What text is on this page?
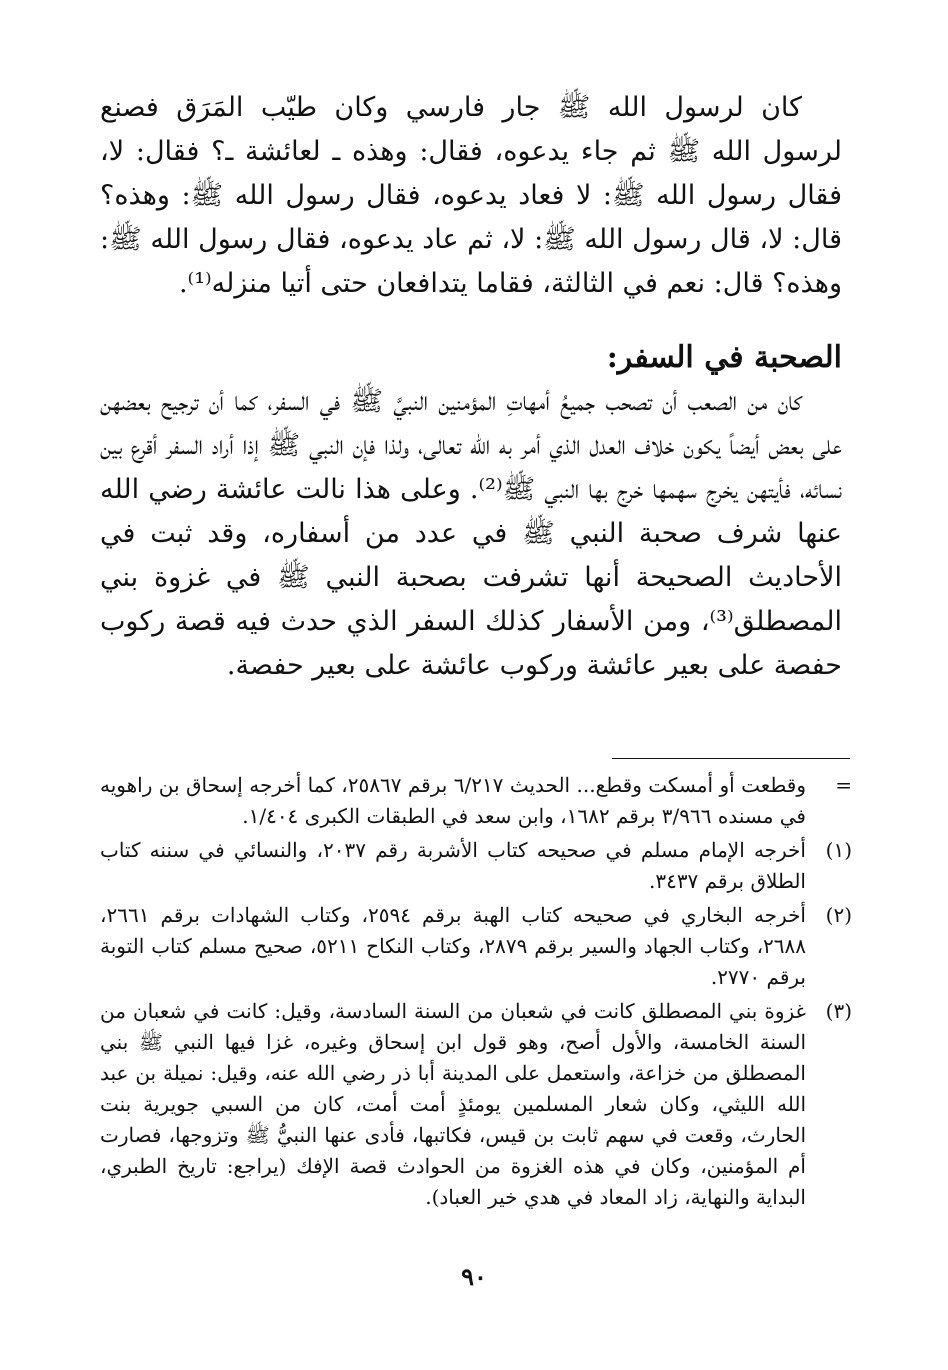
كان لرسول الله ﷺ جار فارسي وكان طيّب المَرَق فصنع لرسول الله ﷺ ثم جاء يدعوه، فقال: وهذه ـ لعائشة ـ؟ فقال: لا، فقال رسول الله ﷺ: لا فعاد يدعوه، فقال رسول الله ﷺ: وهذه؟ قال: لا، قال رسول الله ﷺ: لا، ثم عاد يدعوه، فقال رسول الله ﷺ: وهذه؟ قال: نعم في الثالثة، فقاما يتدافعان حتى أتيا منزله⁽¹⁾.

الصحبة في السفر:

كان من الصعب أن تصحب جميعُ أمهاتِ المؤمنين النبيَّ ﷺ في السفر، كما أن ترجيح بعضهن على بعض أيضاً يكون خلاف العدل الذي أمر به الله تعالى، ولذا فإن النبي ﷺ إذا أراد السفر أقرع بين نسائه، فأيتهن يخرج سهمها خرج بها النبي ﷺ⁽²⁾. وعلى هذا نالت عائشة رضي الله عنها شرف صحبة النبي ﷺ في عدد من أسفاره، وقد ثبت في الأحاديث الصحيحة أنها تشرفت بصحبة النبي ﷺ في غزوة بني المصطلق⁽³⁾، ومن الأسفار كذلك السفر الذي حدث فيه قصة ركوب حفصة على بعير عائشة وركوب عائشة على بعير حفصة.

=
وقطعت أو أمسكت وقطع... الحديث ٦/٢١٧ برقم ٢٥٨٦٧، كما أخرجه إسحاق بن راهويه في مسنده ٣/٩٦٦ برقم ١٦٨٢، وابن سعد في الطبقات الكبرى ١/٤٠٤.
(١)
أخرجه الإمام مسلم في صحيحه كتاب الأشربة رقم ٢٠٣٧، والنسائي في سننه كتاب الطلاق برقم ٣٤٣٧.
(٢)
أخرجه البخاري في صحيحه كتاب الهبة برقم ٢٥٩٤، وكتاب الشهادات برقم ٢٦٦١، ٢٦٨٨، وكتاب الجهاد والسير برقم ٢٨٧٩، وكتاب النكاح ٥٢١١، صحيح مسلم كتاب التوبة برقم ٢٧٧٠.
(٣)
غزوة بني المصطلق كانت في شعبان من السنة السادسة، وقيل: كانت في شعبان من السنة الخامسة، والأول أصح، وهو قول ابن إسحاق وغيره، غزا فيها النبي ﷺ بني المصطلق من خزاعة، واستعمل على المدينة أبا ذر رضي الله عنه، وقيل: نميلة بن عبد الله الليثي، وكان شعار المسلمين يومئذٍ أمت أمت، كان من السبي جويرية بنت الحارث، وقعت في سهم ثابت بن قيس، فكاتبها، فأدى عنها النبيُّ ﷺ وتزوجها، فصارت أم المؤمنين، وكان في هذه الغزوة من الحوادث قصة الإفك (يراجع: تاريخ الطبري، البداية والنهاية، زاد المعاد في هدي خير العباد).
٩٠
